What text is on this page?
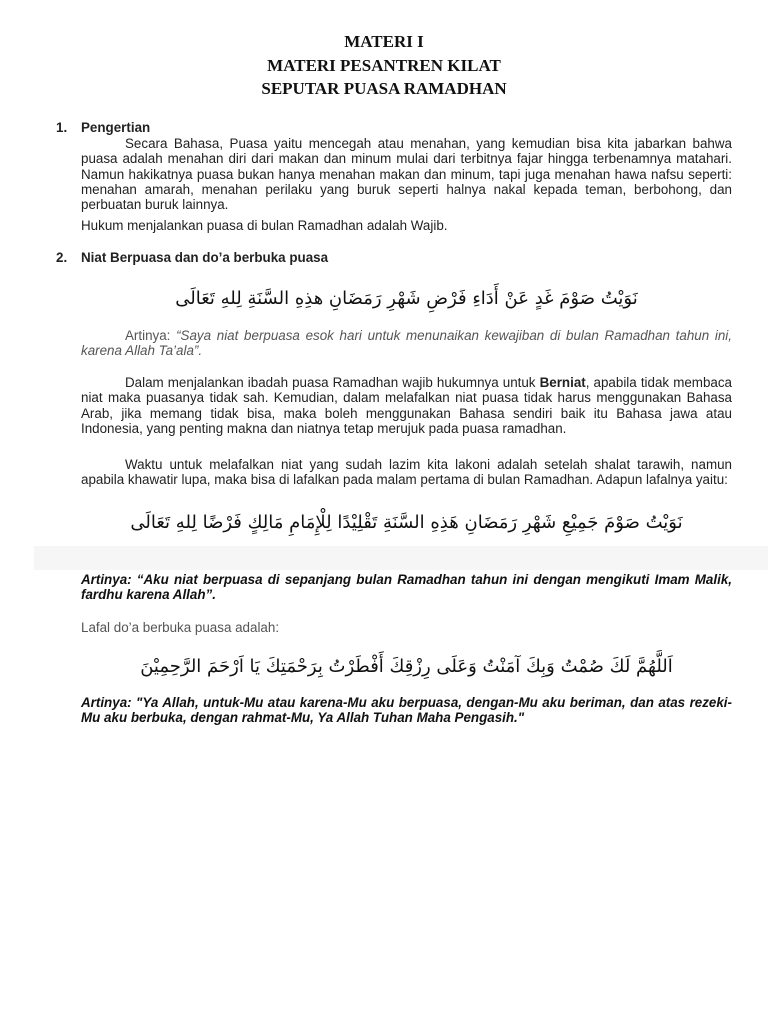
MATERI I
MATERI PESANTREN KILAT
SEPUTAR PUASA RAMADHAN
1. Pengertian
Secara Bahasa, Puasa yaitu mencegah atau menahan, yang kemudian bisa kita jabarkan bahwa puasa adalah menahan diri dari makan dan minum mulai dari terbitnya fajar hingga terbenamnya matahari. Namun hakikatnya puasa bukan hanya menahan makan dan minum, tapi juga menahan hawa nafsu seperti: menahan amarah, menahan perilaku yang buruk seperti halnya nakal kepada teman, berbohong, dan perbuatan buruk lainnya.
Hukum menjalankan puasa di bulan Ramadhan adalah Wajib.
2. Niat Berpuasa dan do’a berbuka puasa
نَوَيْتُ صَوْمَ غَدٍ عَنْ أَدَاءِ فَرْضِ شَهْرِ رَمَضَانِ هذِهِ السَّنَةِ لِلهِ تَعَالَى
Artinya: “Saya niat berpuasa esok hari untuk menunaikan kewajiban di bulan Ramadhan tahun ini, karena Allah Ta’ala”.
Dalam menjalankan ibadah puasa Ramadhan wajib hukumnya untuk Berniat, apabila tidak membaca niat maka puasanya tidak sah. Kemudian, dalam melafalkan niat puasa tidak harus menggunakan Bahasa Arab, jika memang tidak bisa, maka boleh menggunakan Bahasa sendiri baik itu Bahasa jawa atau Indonesia, yang penting makna dan niatnya tetap merujuk pada puasa ramadhan.
Waktu untuk melafalkan niat yang sudah lazim kita lakoni adalah setelah shalat tarawih, namun apabila khawatir lupa, maka bisa di lafalkan pada malam pertama di bulan Ramadhan. Adapun lafalnya yaitu:
نَوَيْتُ صَوْمَ جَمِيْعِ شَهْرِ رَمَضَانِ هَذِهِ السَّنَةِ تَقْلِيْدًا لِلْإِمَامِ مَالِكٍ فَرْضًا لِلهِ تَعَالَى
Artinya: “Aku niat berpuasa di sepanjang bulan Ramadhan tahun ini dengan mengikuti Imam Malik, fardhu karena Allah”.
Lafal do’a berbuka puasa adalah:
اَللَّهُمَّ لَكَ صُمْتُ وَبِكَ آمَنْتُ وَعَلَى رِزْقِكَ أَفْطَرْتُ بِرَحْمَتِكَ يَا اَرْحَمَ الرَّحِمِيْنَ
Artinya: "Ya Allah, untuk-Mu atau karena-Mu aku berpuasa, dengan-Mu aku beriman, dan atas rezeki-Mu aku berbuka, dengan rahmat-Mu, Ya Allah Tuhan Maha Pengasih."
